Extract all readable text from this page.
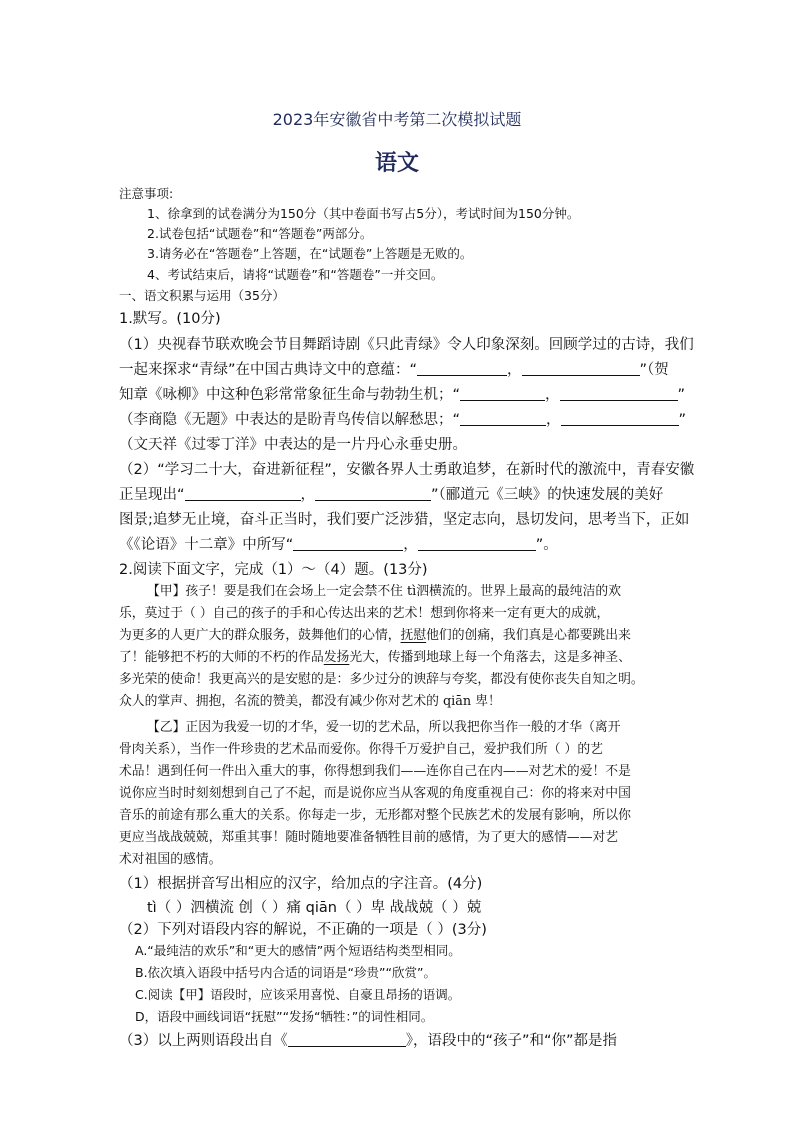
2023年安徽省中考第二次模拟试题
语文
注意事项:
1、徐拿到的试卷满分为150分（其中卷面书写占5分），考试时间为150分钟。
2.试卷包括“试题卷”和“答题卷”两部分。
3.请务必在“答题卷”上答题，在“试题卷”上答题是无败的。
4、考试结束后，请将“试题卷”和“答题卷”一并交回。
一、语文积累与运用（35分）
1.默写。(10分)
（1）央视春节联欢晚会节目舞蹈诗剧《只此青绿》令人印象深刻。回顾学过的古诗，我们
一起来探求“青绿”在中国古典诗文中的意蕴：“	，	”（贺
知章《咏柳》中这种色彩常常象征生命与勃勃生机；“	，	”
（李商隐《无题》中表达的是盼青鸟传信以解愁思；“	，	”
（文天祥《过零丁洋》中表达的是一片丹心永垂史册。
（2）“学习二十大，奋进新征程”，安徽各界人士勇敢追梦，在新时代的激流中，青春安徽
正呈现出“	，	”（郦道元《三峡》的快速发展的美好
图景;追梦无止境，奋斗正当时，我们要广泛涉猎，坚定志向，恳切发问，思考当下，正如
《《论语》十二章》中所写“	，	”。
2.阅读下面文字，完成（1）～（4）题。(13分)
【甲】孩子！要是我们在会场上一定会禁不住 tì泗横流的。世界上最高的最纯洁的欢
乐，莫过于（ ）自己的孩子的手和心传达出来的艺术！想到你将来一定有更大的成就，
为更多的人更广大的群众服务，鼓舞他们的心情，抚慰他们的创痛，我们真是心都要跳出来
了！能够把不朽的大师的不朽的作品发扬光大，传播到地球上每一个角落去，这是多神圣、
多光荣的使命！我更高兴的是安慰的是：多少过分的谀辞与夸奖，都没有使你丧失自知之明。
众人的掌声、拥抱，名流的赞美，都没有减少你对艺术的 qiān 卑！
【乙】正因为我爱一切的才华，爱一切的艺术品，所以我把你当作一般的才华（离开
骨肉关系），当作一件珍贵的艺术品而爱你。你得千万爱护自己，爱护我们所（ ）的艺
术品！遇到任何一件出入重大的事，你得想到我们——连你自己在内——对艺术的爱！不是
说你应当时时刻刻想到自己了不起，而是说你应当从客观的角度重视自己：你的将来对中国
音乐的前途有那么重大的关系。你每走一步，无形都对整个民族艺术的发展有影响，所以你
更应当战战兢兢，郑重其事！随时随地要准备牺牲目前的感情，为了更大的感情——对艺
术对祖国的感情。
（1）根据拼音写出相应的汉字，给加点的字注音。(4分)
tì（ ）泗横流 创（ ）痛 qiān（ ）卑 战战兢（ ）兢
（2）下列对语段内容的解说，不正确的一项是（ ）(3分)
A.“最纯洁的欢乐”和“更大的感情”两个短语结构类型相同。
B.依次填入语段中括号内合适的词语是“珍贵”“欣赏”。
C.阅读【甲】语段时，应该采用喜悦、自豪且昂扬的语调。
D，语段中画线词语“抚慰”“发扬“牺牲：”的词性相同。
（3）以上两则语段出自《	》，语段中的“孩子”和“你”都是指
